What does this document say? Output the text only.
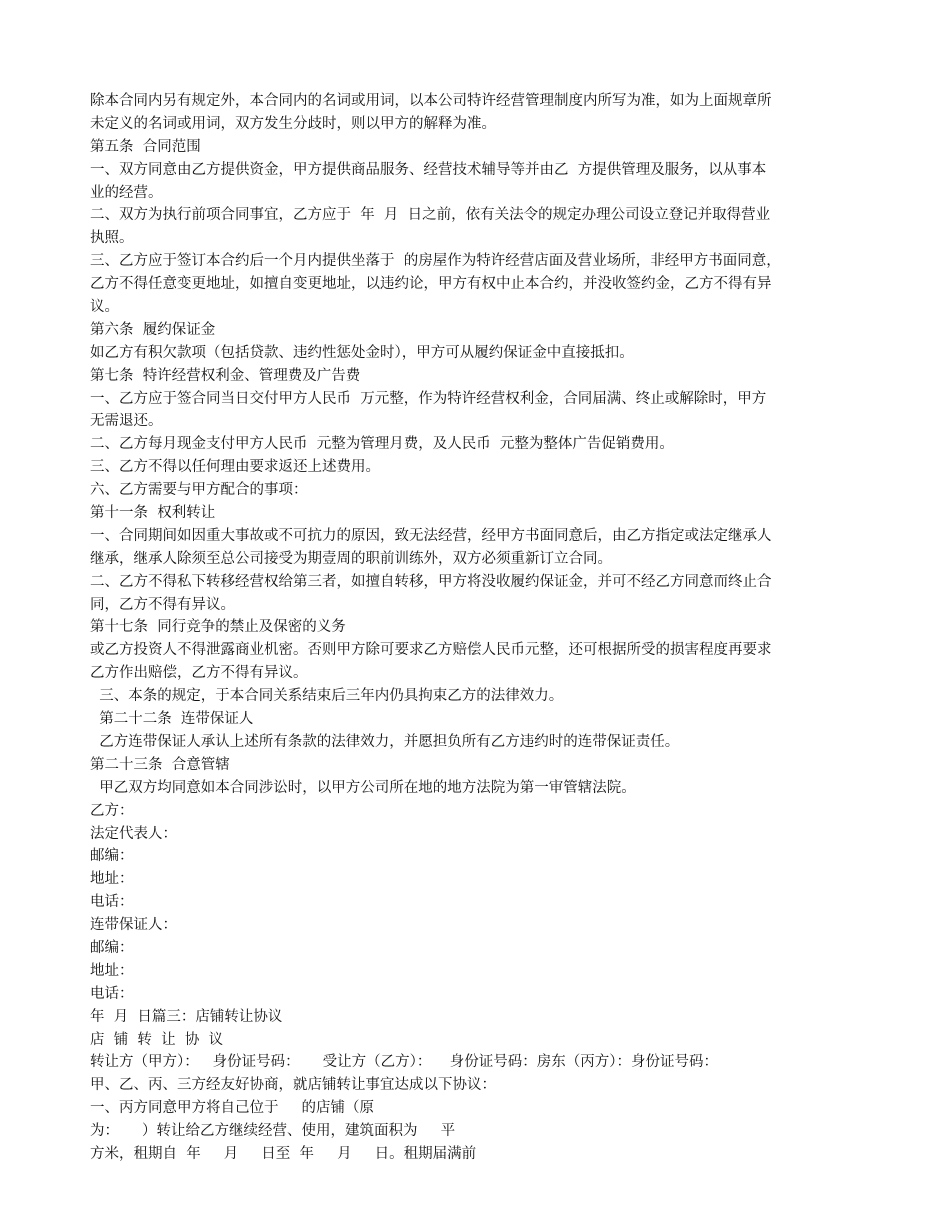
除本合同内另有规定外，本合同内的名词或用词，以本公司特许经营管理制度内所写为准，如为上面规章所
未定义的名词或用词，双方发生分歧时，则以甲方的解释为准。
第五条  合同范围
一、双方同意由乙方提供资金，甲方提供商品服务、经营技术辅导等并由乙  方提供管理及服务，以从事本
业的经营。
二、双方为执行前项合同事宜，乙方应于  年  月  日之前，依有关法令的规定办理公司设立登记并取得营业
执照。
三、乙方应于签订本合约后一个月内提供坐落于  的房屋作为特许经营店面及营业场所，非经甲方书面同意，
乙方不得任意变更地址，如擅自变更地址，以违约论，甲方有权中止本合约，并没收签约金，乙方不得有异
议。
第六条  履约保证金
如乙方有积欠款项（包括贷款、违约性惩处金时），甲方可从履约保证金中直接抵扣。
第七条  特许经营权利金、管理费及广告费
一、乙方应于签合同当日交付甲方人民币  万元整，作为特许经营权利金，合同届满、终止或解除时，甲方
无需退还。
二、乙方每月现金支付甲方人民币  元整为管理月费，及人民币  元整为整体广告促销费用。
三、乙方不得以任何理由要求返还上述费用。
六、乙方需要与甲方配合的事项：
第十一条  权利转让
一、合同期间如因重大事故或不可抗力的原因，致无法经营，经甲方书面同意后，由乙方指定或法定继承人
继承，继承人除须至总公司接受为期壹周的职前训练外，双方必须重新订立合同。
二、乙方不得私下转移经营权给第三者，如擅自转移，甲方将没收履约保证金，并可不经乙方同意而终止合
同，乙方不得有异议。
第十七条  同行竞争的禁止及保密的义务
或乙方投资人不得泄露商业机密。否则甲方除可要求乙方赔偿人民币元整，还可根据所受的损害程度再要求
乙方作出赔偿，乙方不得有异议。
三、本条的规定，于本合同关系结束后三年内仍具拘束乙方的法律效力。
第二十二条  连带保证人
乙方连带保证人承认上述所有条款的法律效力，并愿担负所有乙方违约时的连带保证责任。
第二十三条  合意管辖
甲乙双方均同意如本合同涉讼时，以甲方公司所在地的地方法院为第一审管辖法院。
乙方：
法定代表人：
邮编：
地址：
电话：
连带保证人：
邮编：
地址：
电话：
年  月  日篇三：店铺转让协议
店  铺  转  让  协  议
转让方（甲方）：   身份证号码：     受让方（乙方）：    身份证号码：房东（丙方）：身份证号码：
甲、乙、丙、三方经友好协商，就店铺转让事宜达成以下协议：
一、丙方同意甲方将自己位于     的店铺（原
为：     ）转让给乙方继续经营、使用，建筑面积为     平
方米，租期自  年     月     日至  年     月     日。租期届满前
